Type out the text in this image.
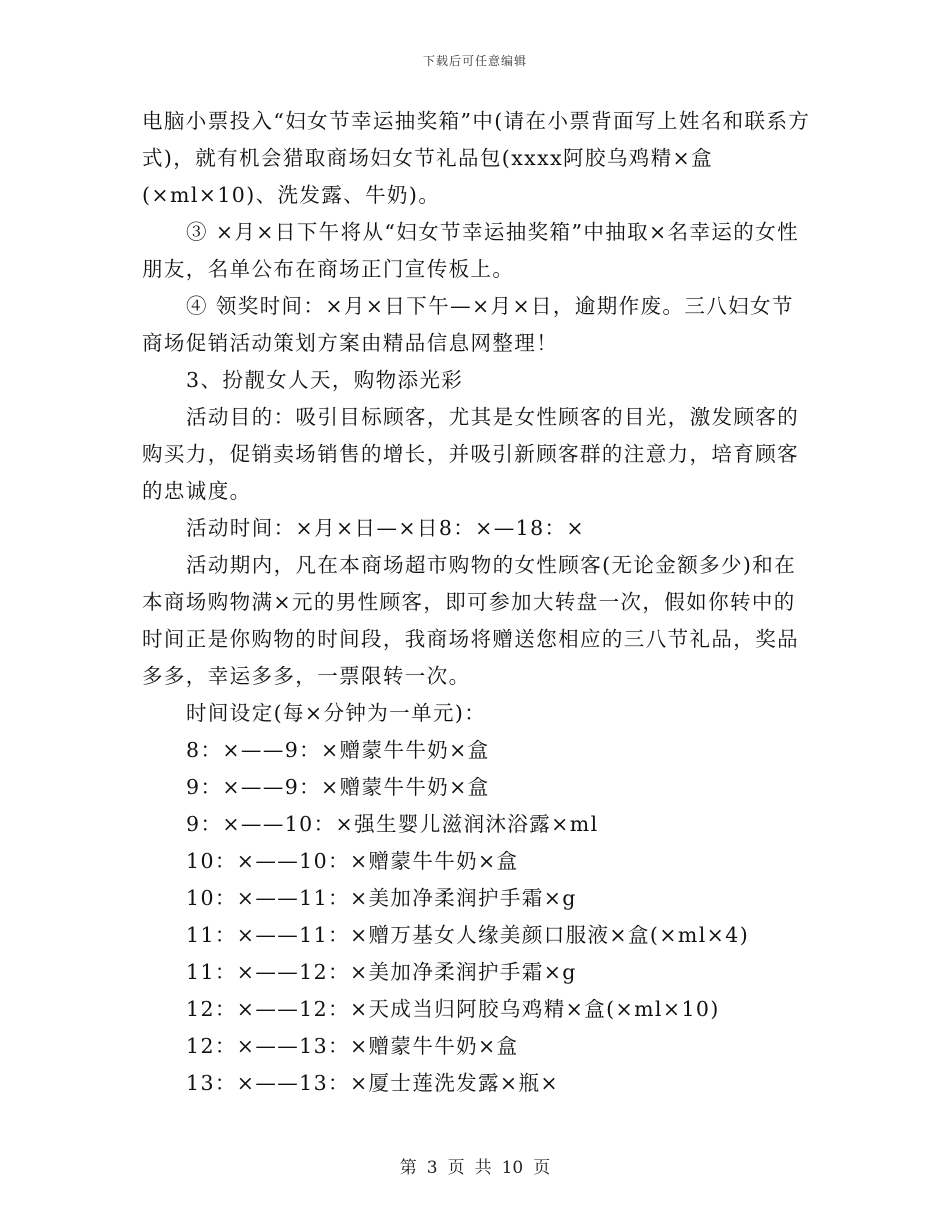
下载后可任意编辑

电脑小票投入“妇女节幸运抽奖箱”中(请在小票背面写上姓名和联系方式)，就有机会猎取商场妇女节礼品包(xxxx阿胶乌鸡精×盒(×ml×10)、洗发露、牛奶)。

③ ×月×日下午将从“妇女节幸运抽奖箱”中抽取×名幸运的女性朋友，名单公布在商场正门宣传板上。

④ 领奖时间：×月×日下午—×月×日，逾期作废。三八妇女节商场促销活动策划方案由精品信息网整理！

3、扮靓女人天，购物添光彩

活动目的：吸引目标顾客，尤其是女性顾客的目光，激发顾客的购买力，促销卖场销售的增长，并吸引新顾客群的注意力，培育顾客的忠诚度。

活动时间：×月×日—×日8：×—18：×

活动期内，凡在本商场超市购物的女性顾客(无论金额多少)和在本商场购物满×元的男性顾客，即可参加大转盘一次，假如你转中的时间正是你购物的时间段，我商场将赠送您相应的三八节礼品，奖品多多，幸运多多，一票限转一次。

时间设定(每×分钟为一单元)：

8：×——9：×赠蒙牛牛奶×盒
9：×——9：×赠蒙牛牛奶×盒
9：×——10：×强生婴儿滋润沐浴露×ml
10：×——10：×赠蒙牛牛奶×盒
10：×——11：×美加净柔润护手霜×g
11：×——11：×赠万基女人缘美颜口服液×盒(×ml×4)
11：×——12：×美加净柔润护手霜×g
12：×——12：×天成当归阿胶乌鸡精×盒(×ml×10)
12：×——13：×赠蒙牛牛奶×盒
13：×——13：×厦士莲洗发露×瓶×
第 3 页 共 10 页
